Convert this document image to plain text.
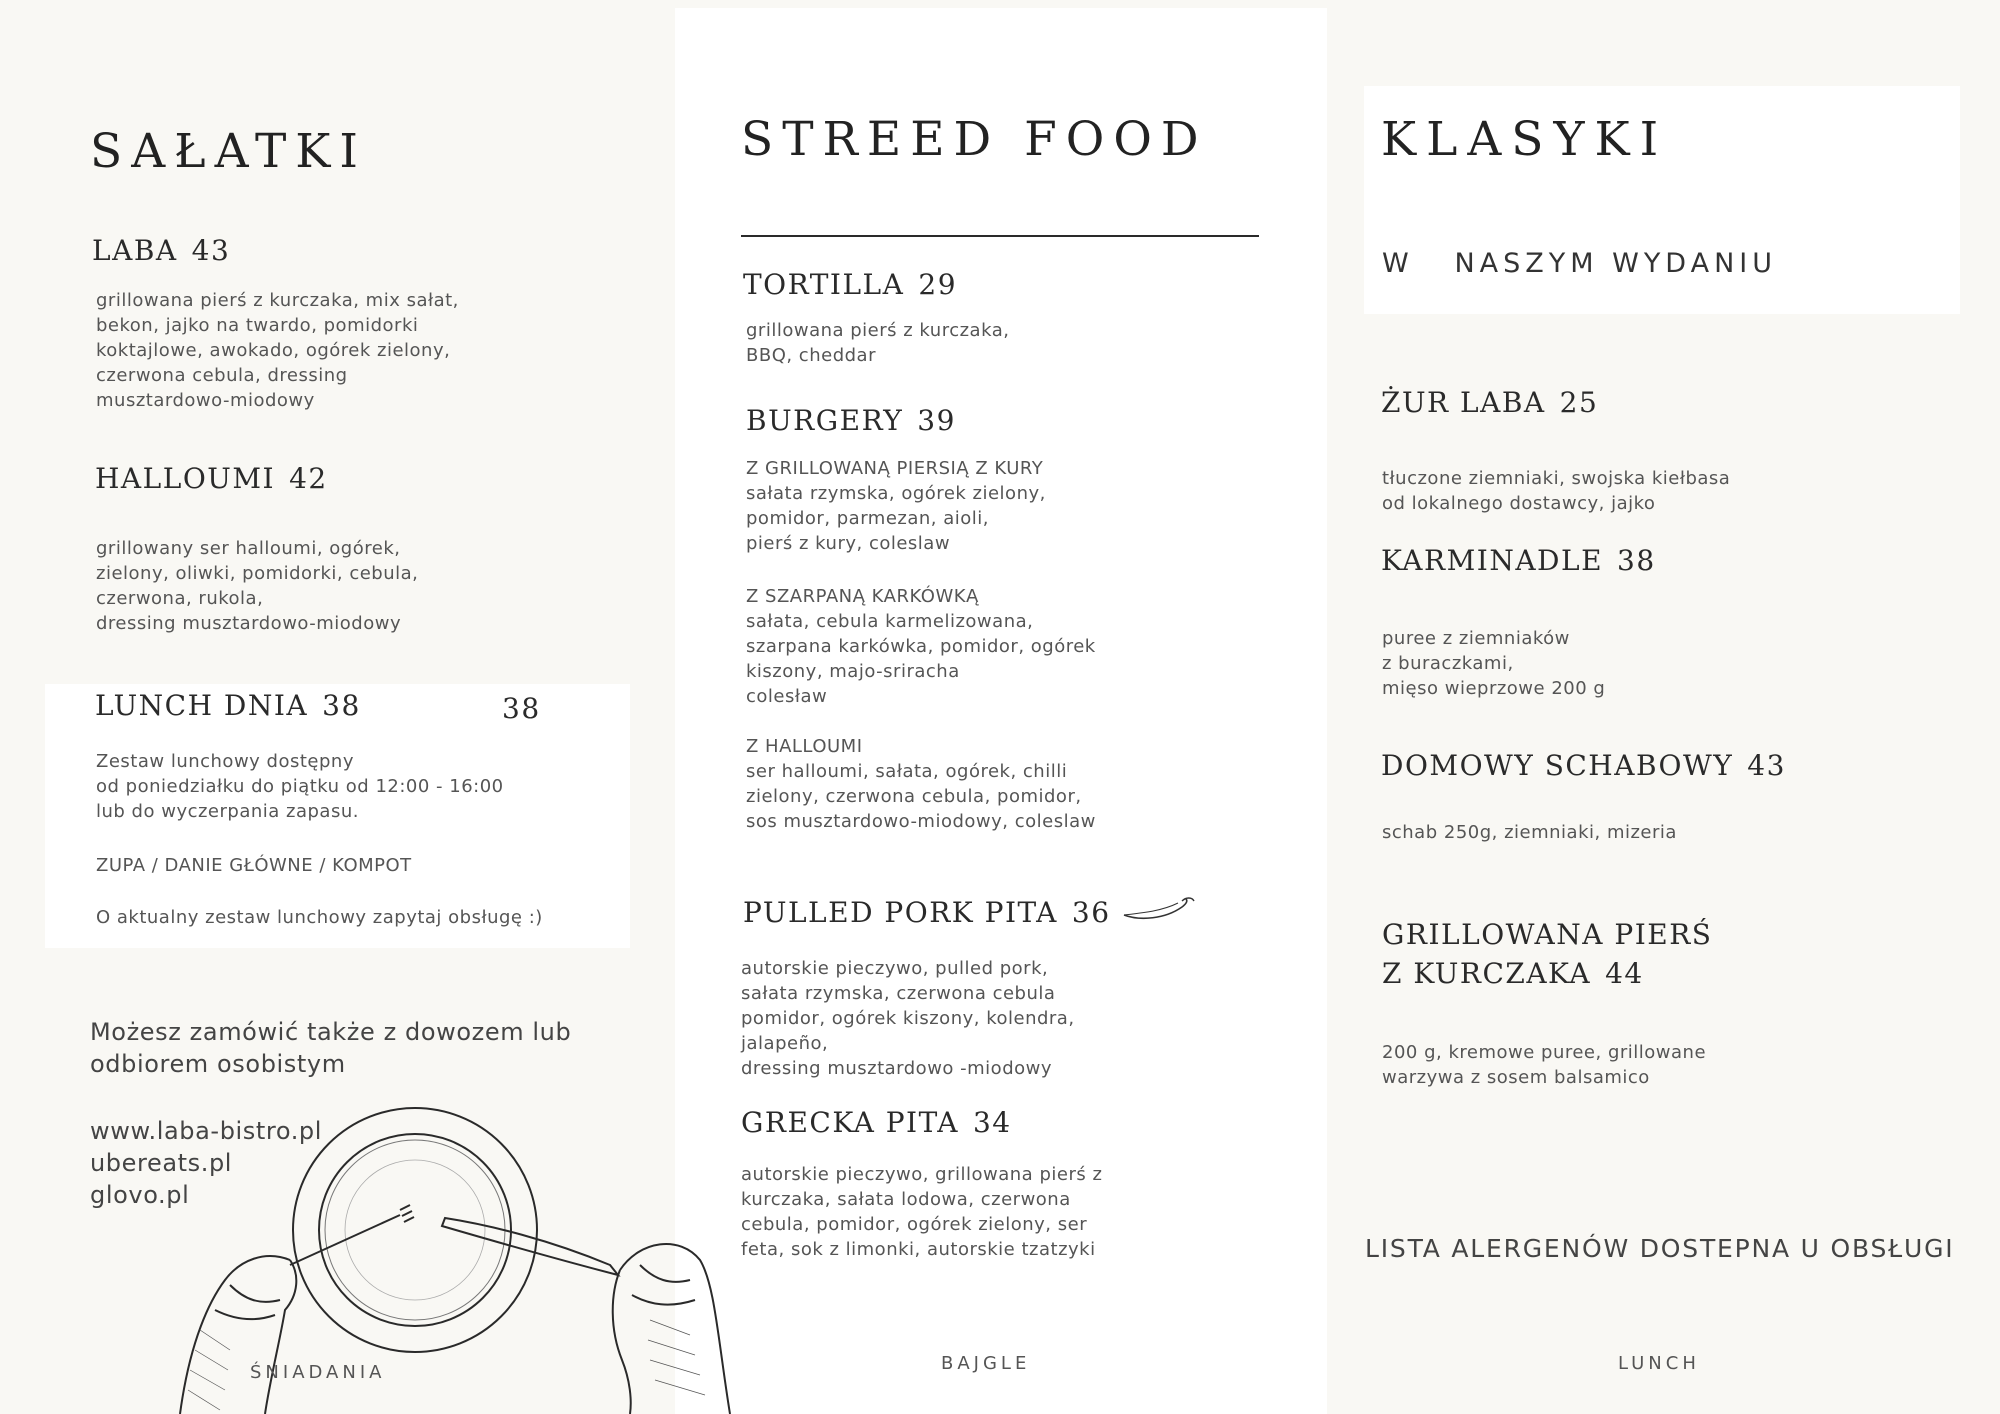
SAŁATKI
LABA 43
grillowana pierś z kurczaka, mix sałat,
bekon, jajko na twardo, pomidorki
koktajlowe, awokado, ogórek zielony,
czerwona cebula, dressing
musztardowo-miodowy
HALLOUMI 42
grillowany ser halloumi, ogórek,
zielony, oliwki, pomidorki, cebula,
czerwona, rukola,
dressing musztardowo-miodowy
LUNCH DNIA 38	38
Zestaw lunchowy dostępny
od poniedziałku do piątku od 12:00 - 16:00
lub do wyczerpania zapasu.
ZUPA / DANIE GŁÓWNE / KOMPOT
O aktualny zestaw lunchowy zapytaj obsługę :)
Możesz zamówić także z dowozem lub
odbiorem osobistym
www.laba-bistro.pl
ubereats.pl
glovo.pl
ŚNIADANIA
STREED FOOD
TORTILLA 29
grillowana pierś z kurczaka,
BBQ, cheddar
BURGERY 39
Z GRILLOWANĄ PIERSIĄ Z KURY
sałata rzymska, ogórek zielony,
pomidor, parmezan, aioli,
pierś z kury, coleslaw
Z SZARPANĄ KARKÓWKĄ
sałata, cebula karmelizowana,
szarpana karkówka, pomidor, ogórek
kiszony, majo-sriracha
colesław
Z HALLOUMI
ser halloumi, sałata, ogórek, chilli
zielony, czerwona cebula, pomidor,
sos musztardowo-miodowy, coleslaw
PULLED PORK PITA 36
autorskie pieczywo, pulled pork,
sałata rzymska, czerwona cebula
pomidor, ogórek kiszony, kolendra,
jalapeño,
dressing musztardowo -miodowy
GRECKA PITA 34
autorskie pieczywo, grillowana pierś z
kurczaka, sałata lodowa, czerwona
cebula, pomidor, ogórek zielony, ser
feta, sok z limonki, autorskie tzatzyki
BAJGLE
KLASYKI
W   NASZYM WYDANIU
ŻUR LABA 25
tłuczone ziemniaki, swojska kiełbasa
od lokalnego dostawcy, jajko
KARMINADLE 38
puree z ziemniaków
z buraczkami,
mięso wieprzowe 200 g
DOMOWY SCHABOWY 43
schab 250g, ziemniaki, mizeria
GRILLOWANA PIERŚ
Z KURCZAKA 44
200 g, kremowe puree, grillowane
warzywa z sosem balsamico
LISTA ALERGENÓW DOSTEPNA U OBSŁUGI
LUNCH
